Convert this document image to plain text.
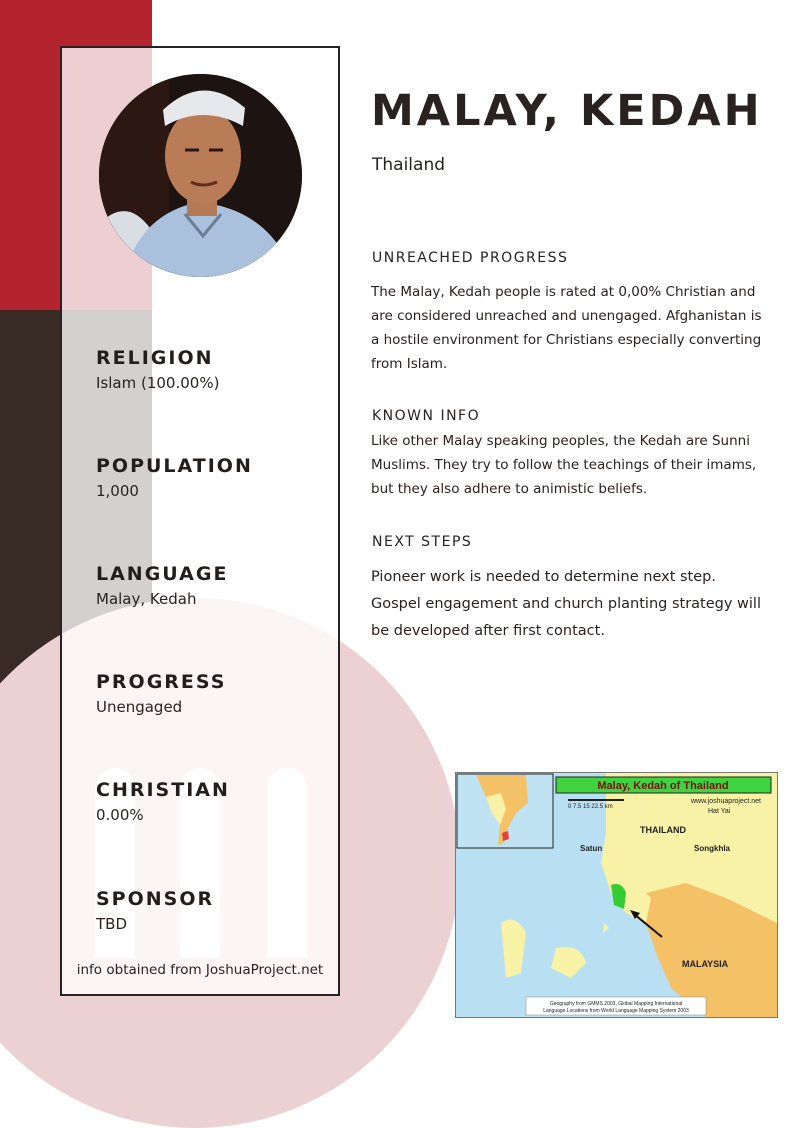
RELIGION
Islam (100.00%)
POPULATION
1,000
LANGUAGE
Malay, Kedah
PROGRESS
Unengaged
CHRISTIAN
0.00%
SPONSOR
TBD
info obtained from JoshuaProject.net
MALAY, KEDAH
Thailand
UNREACHED PROGRESS
The Malay, Kedah people is rated at 0,00% Christian and are considered unreached and unengaged. Afghanistan is a hostile environment for Christians especially converting from Islam.
KNOWN INFO
Like other Malay speaking peoples, the Kedah are Sunni Muslims. They try to follow the teachings of their imams, but they also adhere to animistic beliefs.
NEXT STEPS
Pioneer work is needed to determine next step. Gospel engagement and church planting strategy will be developed after first contact.
Malay, Kedah of Thailand
www.joshuaproject.net
0 7.5 15 22.5 km
THAILAND
Hat Yai
Satun	Songkhla
MALAYSIA
Geography from GMMS 2003, Global Mapping International
Language Locations from World Language Mapping System 2003
